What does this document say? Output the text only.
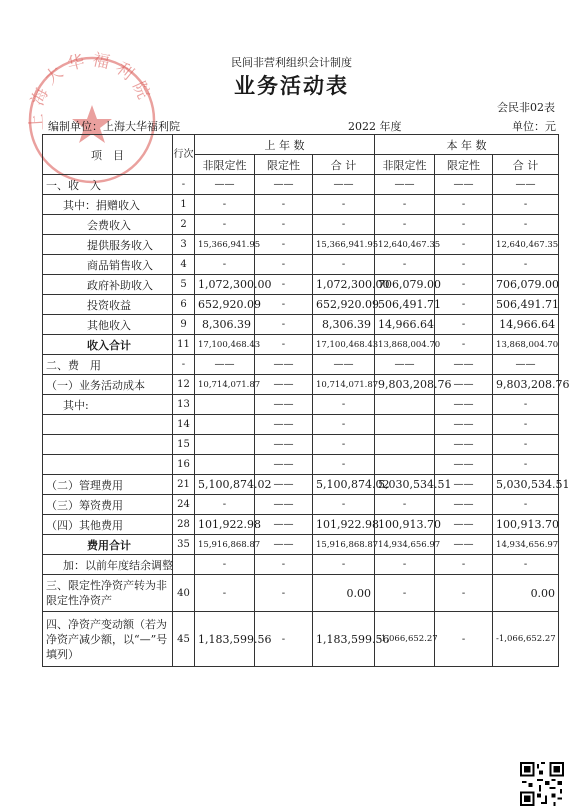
上海大华福利院
民间非营利组织会计制度
业务活动表
会民非02表
编制单位：上海大华福利院	2022 年度	单位：元
项　目	行次	上 年 数			本 年 数		
		非限定性	限定性	合 计	非限定性	限定性	合 计
一、收　入	-	——	——	——	——	——	——
其中：捐赠收入	1	-	-	-	-	-	-
会费收入	2	-	-	-	-	-	-
提供服务收入	3	15,366,941.95	-	15,366,941.95	12,640,467.35	-	12,640,467.35
商品销售收入	4	-	-	-	-	-	-
政府补助收入	5	1,072,300.00	-	1,072,300.00	706,079.00	-	706,079.00
投资收益	6	652,920.09	-	652,920.09	506,491.71	-	506,491.71
其他收入	9	8,306.39	-	8,306.39	14,966.64	-	14,966.64
收入合计	11	17,100,468.43	-	17,100,468.43	13,868,004.70	-	13,868,004.70
二、费　用	-	——	——	——	——	——	——
（一）业务活动成本	12	10,714,071.87	——	10,714,071.87	9,803,208.76	——	9,803,208.76
其中:	13		——	-		——	-
	14		——	-		——	-
	15		——	-		——	-
	16		——	-		——	-
（二）管理费用	21	5,100,874.02	——	5,100,874.02	5,030,534.51	——	5,030,534.51
（三）筹资费用	24	-	——	-	-	——	-
（四）其他费用	28	101,922.98	——	101,922.98	100,913.70	——	100,913.70
费用合计	35	15,916,868.87	——	15,916,868.87	14,934,656.97	——	14,934,656.97
加：以前年度结余调整		-	-	-	-	-	-
三、限定性净资产转为非限定性净资产	40	-	-	0.00	-	-	0.00
四、净资产变动额（若为净资产减少额，以“—”号填列）	45	1,183,599.56	-	1,183,599.56	-1,066,652.27	-	-1,066,652.27
